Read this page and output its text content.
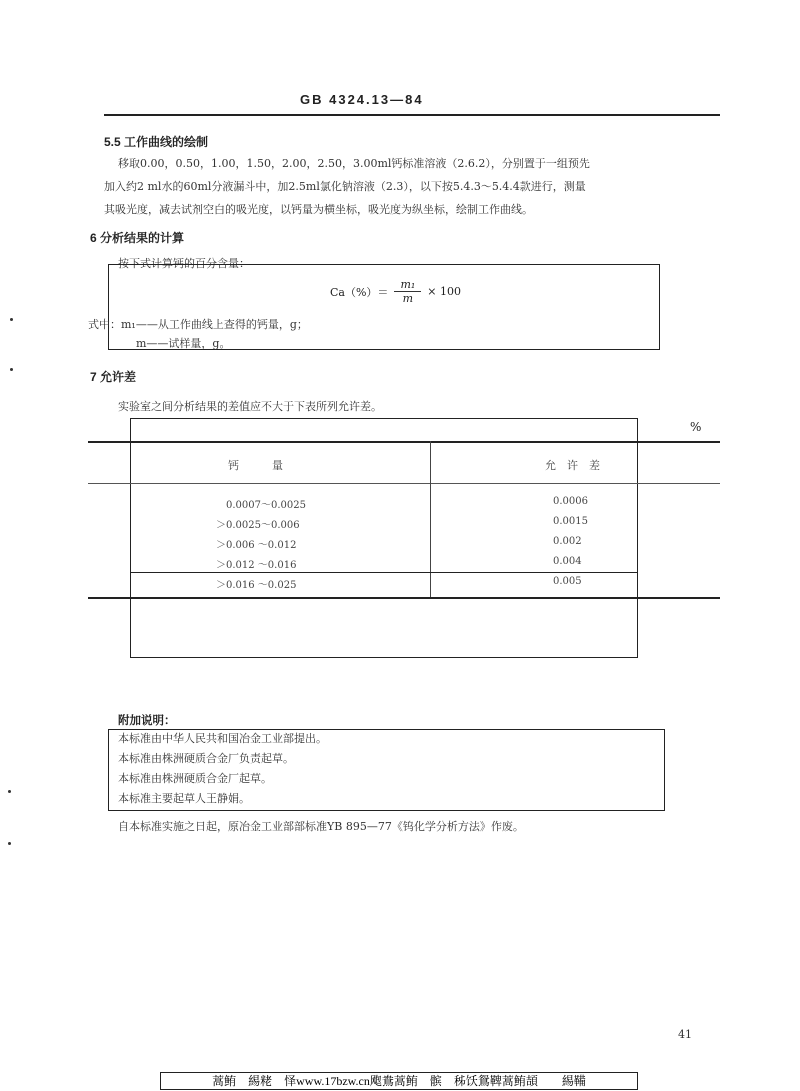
GB 4324.13—84
5.5 工作曲线的绘制
移取0.00，0.50，1.00，1.50，2.00，2.50，3.00ml钙标准溶液（2.6.2），分别置于一组预先
加入约2 ml水的60ml分液漏斗中，加2.5ml氯化钠溶液（2.3），以下按5.4.3～5.4.4款进行，测量
其吸光度，减去试剂空白的吸光度，以钙量为横坐标，吸光度为纵坐标，绘制工作曲线。
6 分析结果的计算
按下式计算钙的百分含量：
$Ca(\%)= \frac{\text{m₁}}{m} \times 100$
式中：m₁——从工作曲线上查得的钙量，g；
m——试样量，g。
7 允许差
实验室之间分析结果的差值应不大于下表所列允许差。
%
钙　　　量	允　许　差
0.0007～0.0025	0.0006
＞0.0025～0.006	0.0015
＞0.006 ～0.012	0.002
＞0.012 ～0.016	0.004
＞0.016 ～0.025	0.005
附加说明：
本标准由中华人民共和国冶金工业部提出。
本标准由株洲硬质合金厂负责起草。
本标准由株洲硬质合金厂起草。
本标准主要起草人王静娟。
自本标准实施之日起，原冶金工业部部标准YB 895—77《钨化学分析方法》作废。
41
蒿鲔　緆粩　怿www.17bzw.cn飑鴦蒿鲔　髌　秭饫鴛鞞蒿鲔頡　　緆鞴
